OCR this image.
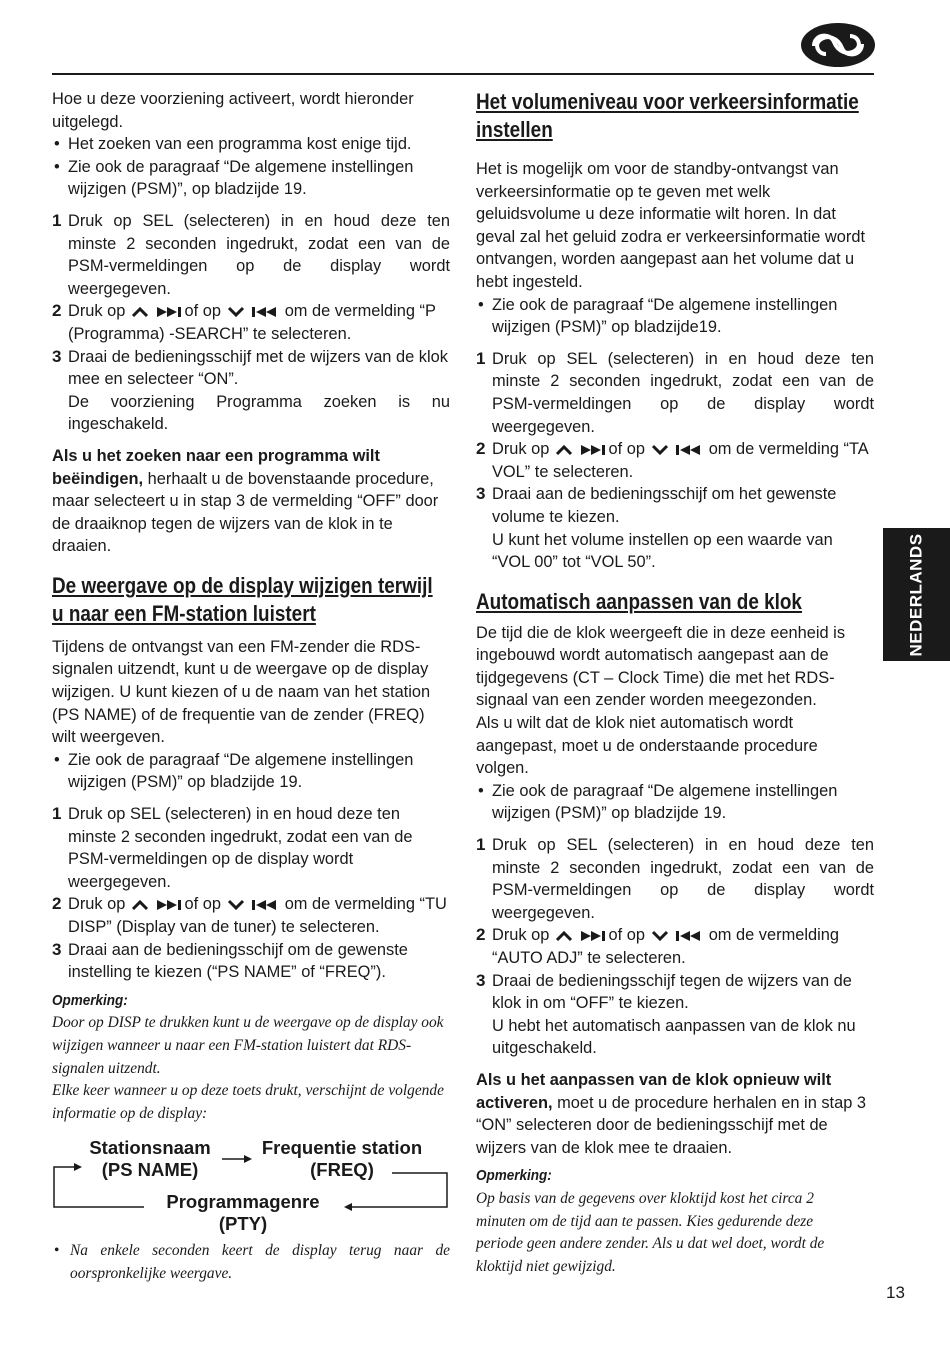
NEDERLANDS

Hoe u deze voorziening activeert, wordt hieronder uitgelegd.

• Het zoeken van een programma kost enige tijd.

• Zie ook de paragraaf “De algemene instellingen wijzigen (PSM)”, op bladzijde 19.

1 Druk op SEL (selecteren) in en houd deze ten minste 2 seconden ingedrukt, zodat een van de PSM-vermeldingen op de display wordt weergegeven.

2 Druk op
	of op
	om de vermelding “P (Programma) -SEARCH” te selecteren.

3 Draai de bedieningsschijf met de wijzers van de klok mee en selecteer “ON”.

De voorziening Programma zoeken is nu ingeschakeld.

Als u het zoeken naar een programma wilt beëindigen, herhaalt u de bovenstaande procedure, maar selecteert u in stap 3 de vermelding “OFF” door de draaiknop tegen de wijzers van de klok in te draaien.

De weergave op de display wijzigen terwijl u naar een FM-station luistert

Tijdens de ontvangst van een FM-zender die RDS-signalen uitzendt, kunt u de weergave op de display wijzigen. U kunt kiezen of u de naam van het station (PS NAME) of de frequentie van de zender (FREQ) wilt weergeven.

• Zie ook de paragraaf “De algemene instellingen wijzigen (PSM)” op bladzijde 19.

1 Druk op SEL (selecteren) in en houd deze ten minste 2 seconden ingedrukt, zodat een van de PSM-vermeldingen op de display wordt weergegeven.

2 Druk op
	of op
	om de vermelding “TU DISP” (Display van de tuner) te selecteren.

3 Draai aan de bedieningsschijf om de gewenste instelling te kiezen (“PS NAME” of “FREQ”).

Opmerking:

Door op DISP te drukken kunt u de weergave op de display ook wijzigen wanneer u naar een FM-station luistert dat RDS-signalen uitzendt.

Elke keer wanneer u op deze toets drukt, verschijnt de volgende informatie op de display:

Stationsnaam
(PS NAME)
Frequentie station
(FREQ)
Programmagenre
(PTY)

• Na enkele seconden keert de display terug naar de oorspronkelijke weergave.

Het volumeniveau voor verkeersinformatie instellen

Het is mogelijk om voor de standby-ontvangst van verkeersinformatie op te geven met welk geluidsvolume u deze informatie wilt horen. In dat geval zal het geluid zodra er verkeersinformatie wordt ontvangen, worden aangepast aan het volume dat u hebt ingesteld.

• Zie ook de paragraaf “De algemene instellingen wijzigen (PSM)” op bladzijde19.

1 Druk op SEL (selecteren) in en houd deze ten minste 2 seconden ingedrukt, zodat een van de PSM-vermeldingen op de display wordt weergegeven.

2 Druk op
	of op
	om de vermelding “TA VOL” te selecteren.

3 Draai aan de bedieningsschijf om het gewenste volume te kiezen.

U kunt het volume instellen op een waarde van “VOL 00” tot “VOL 50”.

Automatisch aanpassen van de klok

De tijd die de klok weergeeft die in deze eenheid is ingebouwd wordt automatisch aangepast aan de tijdgegevens (CT – Clock Time) die met het RDS-signaal van een zender worden meegezonden.

Als u wilt dat de klok niet automatisch wordt aangepast, moet u de onderstaande procedure volgen.

• Zie ook de paragraaf “De algemene instellingen wijzigen (PSM)” op bladzijde 19.

1 Druk op SEL (selecteren) in en houd deze ten minste 2 seconden ingedrukt, zodat een van de PSM-vermeldingen op de display wordt weergegeven.

2 Druk op
	of op
	om de vermelding “AUTO ADJ” te selecteren.

3 Draai de bedieningsschijf tegen de wijzers van de klok in om “OFF” te kiezen.

U hebt het automatisch aanpassen van de klok nu uitgeschakeld.

Als u het aanpassen van de klok opnieuw wilt activeren, moet u de procedure herhalen en in stap 3 “ON” selecteren door de bedieningsschijf met de wijzers van de klok mee te draaien.

Opmerking:

Op basis van de gegevens over kloktijd kost het circa 2 minuten om de tijd aan te passen. Kies gedurende deze periode geen andere zender. Als u dat wel doet, wordt de kloktijd niet gewijzigd.

13
